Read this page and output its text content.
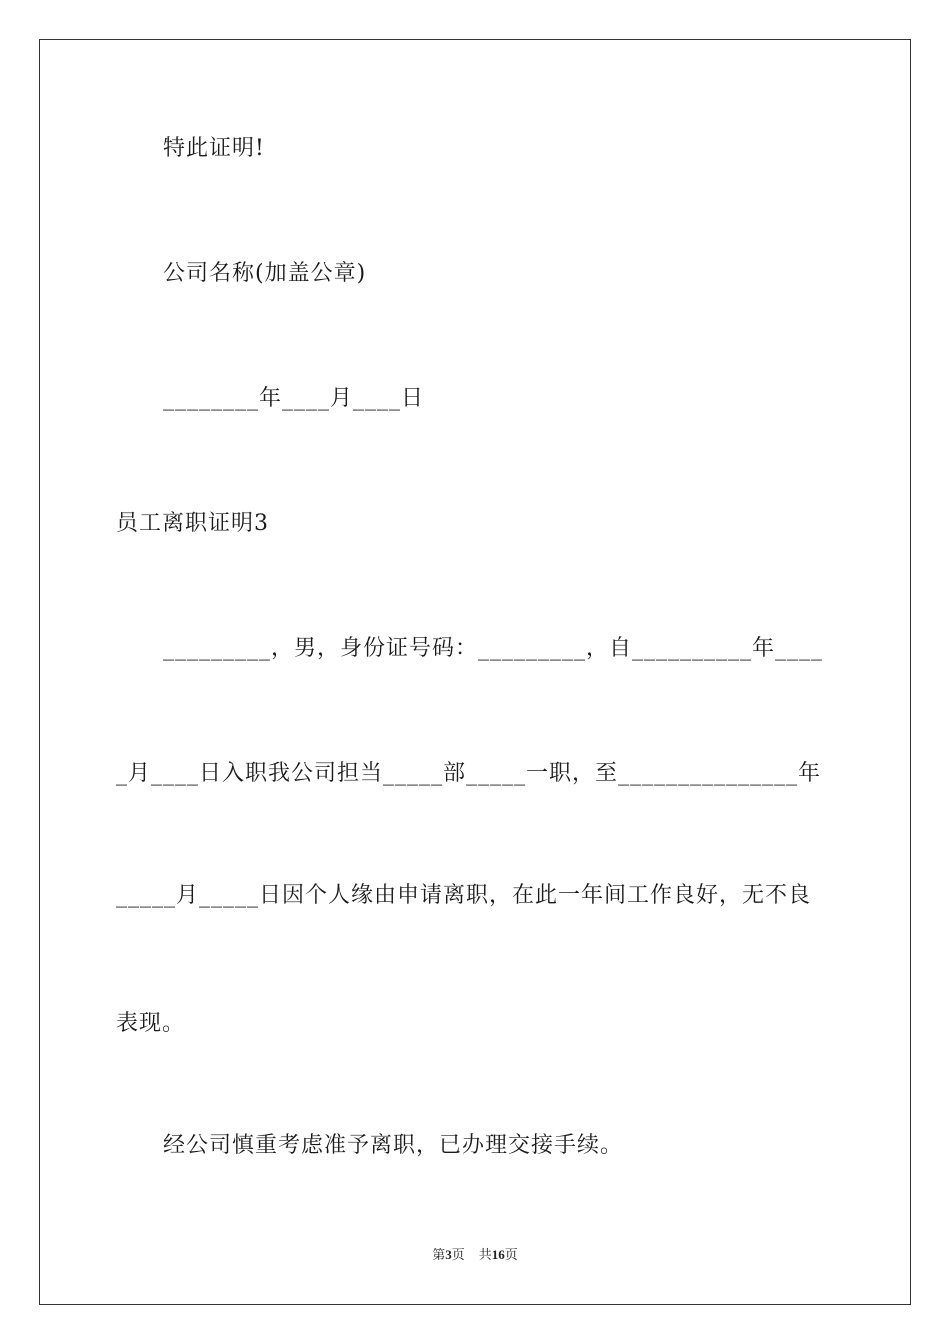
特此证明!
公司名称(加盖公章)
________年____月____日
员工离职证明3
_________，男，身份证号码：_________，自__________年____
_月____日入职我公司担当_____部_____一职，至_______________年
_____月_____日因个人缘由申请离职，在此一年间工作良好，无不良
表现。
经公司慎重考虑准予离职，已办理交接手续。
第3页 共16页
